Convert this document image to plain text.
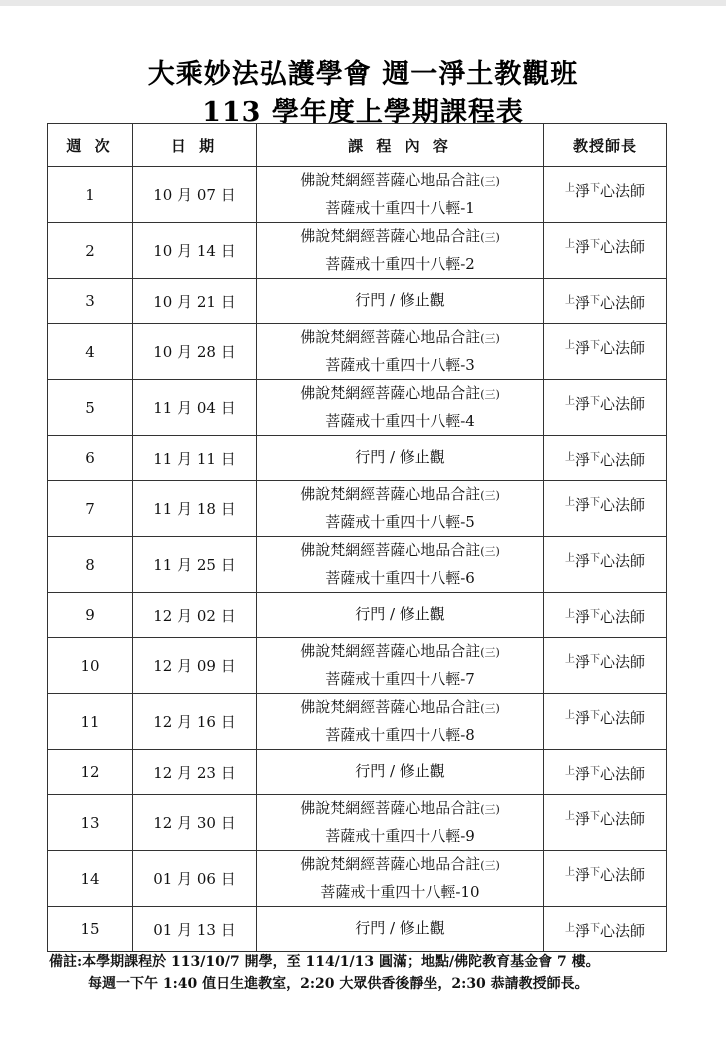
大乘妙法弘護學會 週一淨土教觀班
113 學年度上學期課程表
週 次	日 期	課 程 內 容	教授師長
1	10 月 07 日	佛說梵網經菩薩心地品合註(三)
菩薩戒十重四十八輕-1	$^上$淨$^下$心法師
2	10 月 14 日	佛說梵網經菩薩心地品合註(三)
菩薩戒十重四十八輕-2	$^上$淨$^下$心法師
3	10 月 21 日	行門 / 修止觀	$^上$淨$^下$心法師
4	10 月 28 日	佛說梵網經菩薩心地品合註(三)
菩薩戒十重四十八輕-3	$^上$淨$^下$心法師
5	11 月 04 日	佛說梵網經菩薩心地品合註(三)
菩薩戒十重四十八輕-4	$^上$淨$^下$心法師
6	11 月 11 日	行門 / 修止觀	$^上$淨$^下$心法師
7	11 月 18 日	佛說梵網經菩薩心地品合註(三)
菩薩戒十重四十八輕-5	$^上$淨$^下$心法師
8	11 月 25 日	佛說梵網經菩薩心地品合註(三)
菩薩戒十重四十八輕-6	$^上$淨$^下$心法師
9	12 月 02 日	行門 / 修止觀	$^上$淨$^下$心法師
10	12 月 09 日	佛說梵網經菩薩心地品合註(三)
菩薩戒十重四十八輕-7	$^上$淨$^下$心法師
11	12 月 16 日	佛說梵網經菩薩心地品合註(三)
菩薩戒十重四十八輕-8	$^上$淨$^下$心法師
12	12 月 23 日	行門 / 修止觀	$^上$淨$^下$心法師
13	12 月 30 日	佛說梵網經菩薩心地品合註(三)
菩薩戒十重四十八輕-9	$^上$淨$^下$心法師
14	01 月 06 日	佛說梵網經菩薩心地品合註(三)
菩薩戒十重四十八輕-10	$^上$淨$^下$心法師
15	01 月 13 日	行門 / 修止觀	$^上$淨$^下$心法師
備註:本學期課程於 113/10/7 開學，至 114/1/13 圓滿；地點/佛陀教育基金會 7 樓。
每週一下午 1:40 值日生進教室，2:20 大眾供香後靜坐，2:30 恭請教授師長。
